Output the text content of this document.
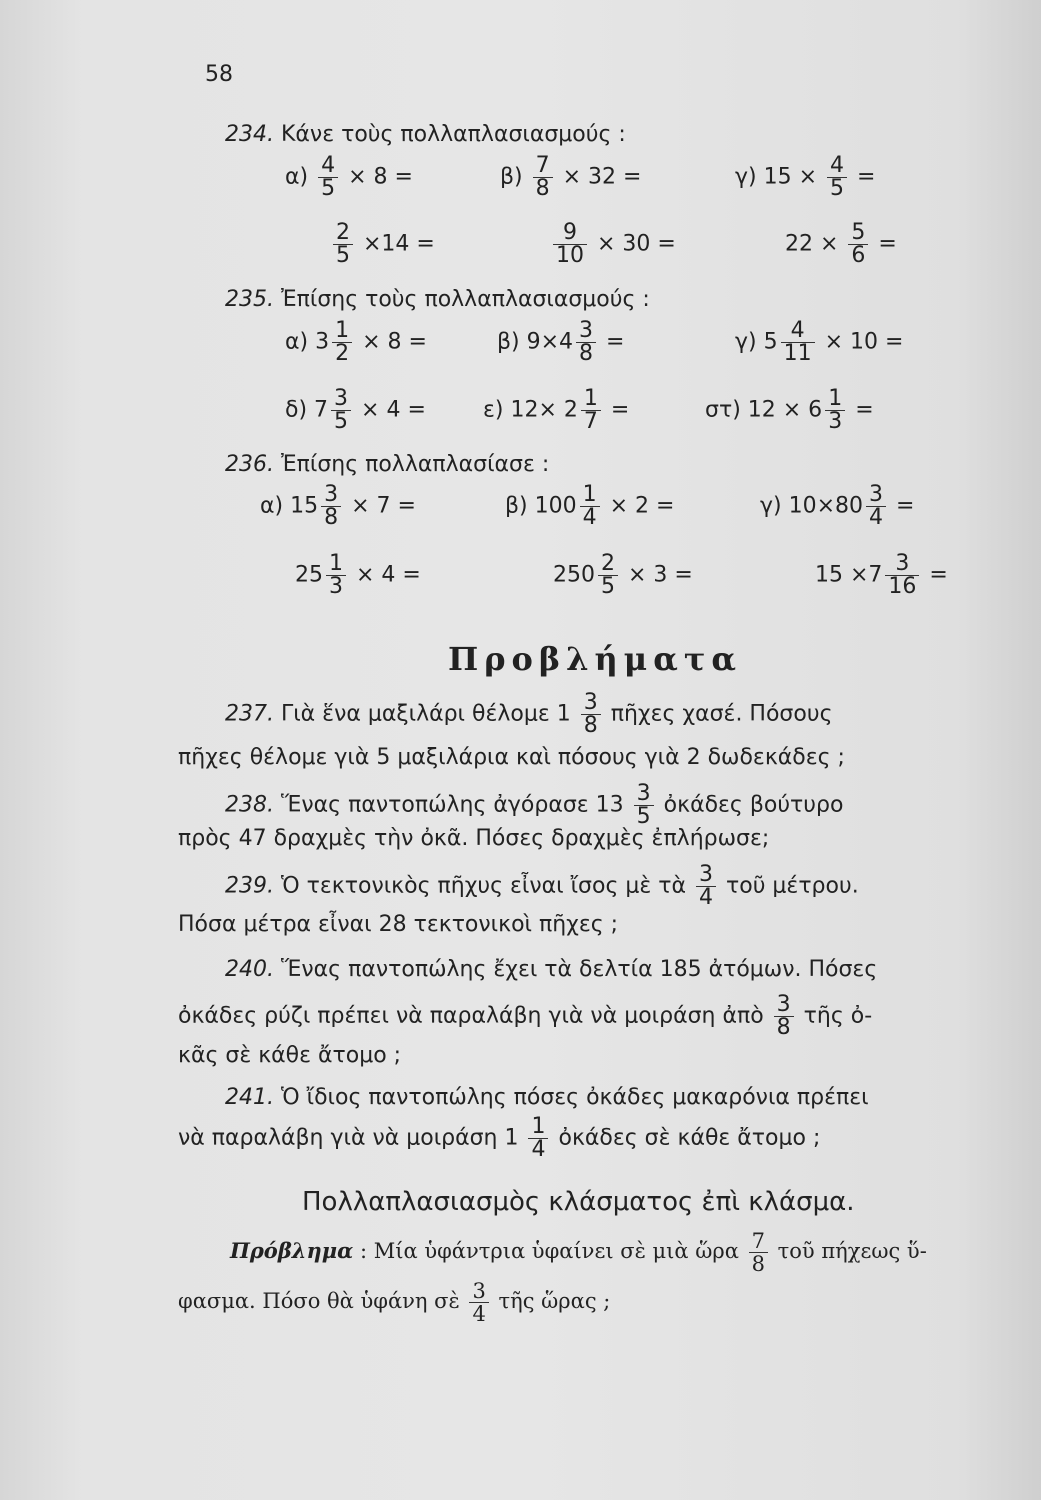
58
234. Κάνε τοὺς πολλαπλασιασμούς :
$\alpha) \frac{4}{5} \times 8$ =	$\beta) \frac{7}{8} \times 32$ =	γ) $15 \times \frac{4}{5}$ =
$\frac{2}{5} \times 14$ =	$\frac{9}{10} \times 30$ =	$22 \times \frac{5}{6}$ =
235. Ἐπίσης τοὺς πολλαπλασιασμούς :
α) $3 \frac{1}{2} \times 8$ =	β) $9\times 4 \frac{3}{8}$ =	γ) $5 \frac{4}{11} \times 10$ =
δ) $7 \frac{3}{5} \times 4$ =	ε) $12\times 2 \frac{1}{7}$ =	στ) $12 \times 6 \frac{1}{3}$ =
236. Ἐπίσης πολλαπλασίασε :
α) $15 \frac{3}{8} \times 7$ =	β) $100 \frac{1}{4} \times 2$ =	γ) $10\times 80 \frac{3}{4}$ =
$25 \frac{1}{3} \times 4$ =	$250 \frac{2}{5} \times 3$ =	$15 \times 7 \frac{3}{16}$ =
Προβλήματα
237. Γιὰ ἕνα μαξιλάρι θέλομε $1 \frac{3}{8}$ πῆχες χασέ. Πόσους
πῆχες θέλομε γιὰ 5 μαξιλάρια καὶ πόσους γιὰ 2 δωδεκάδες ;
238. Ἕνας παντοπώλης ἀγόρασε $13 \frac{3}{5}$ ὀκάδες βούτυρο
πρὸς 47 δραχμὲς τὴν ὀκᾶ. Πόσες δραχμὲς ἐπλήρωσε;
239. Ὁ τεκτονικὸς πῆχυς εἶναι ἴσος μὲ τὰ $\frac{3}{4}$ τοῦ μέτρου.
Πόσα μέτρα εἶναι 28 τεκτονικοὶ πῆχες ;
240. Ἕνας παντοπώλης ἔχει τὰ δελτία 185 ἀτόμων. Πόσες
ὀκάδες ρύζι πρέπει νὰ παραλάβη γιὰ νὰ μοιράση ἀπὸ $\frac{3}{8}$ τῆς ὀ-
κᾶς σὲ κάθε ἄτομο ;
241. Ὁ ἴδιος παντοπώλης πόσες ὀκάδες μακαρόνια πρέπει
νὰ παραλάβη γιὰ νὰ μοιράση $1 \frac{1}{4}$ ὀκάδες σὲ κάθε ἄτομο ;
Πολλαπλασιασμὸς κλάσματος ἐπὶ κλάσμα.
Πρόβλημα : Μία ὑφάντρια ὑφαίνει σὲ μιὰ ὥρα $\frac{7}{8}$ τοῦ πήχεως ὕ-
φασμα. Πόσο θὰ ὑφάνη σὲ $\frac{3}{4}$ τῆς ὥρας ;
